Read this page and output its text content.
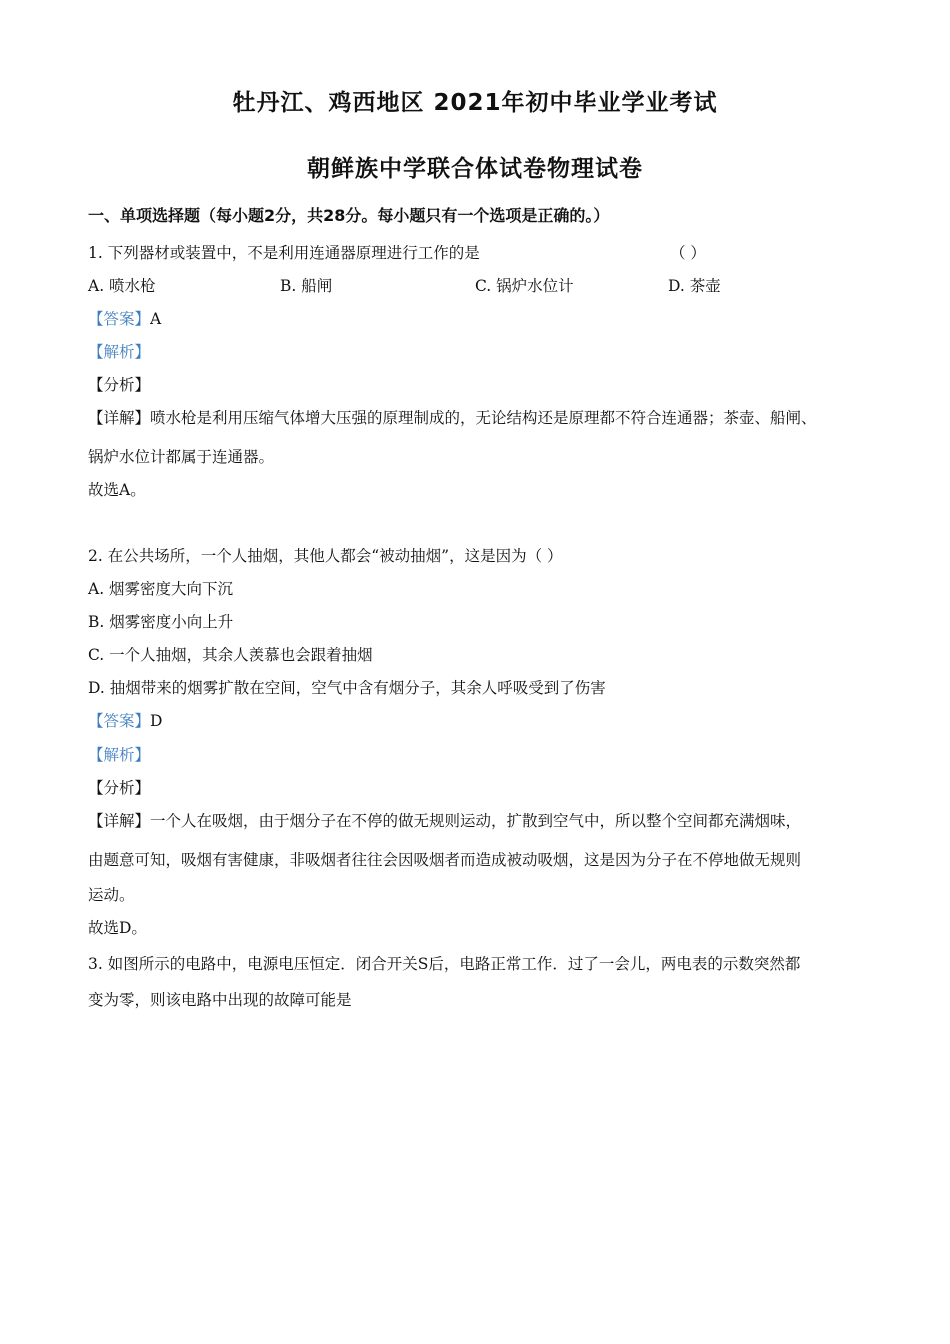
牡丹江、鸡西地区 2021年初中毕业学业考试
朝鲜族中学联合体试卷物理试卷
一、单项选择题（每小题2分，共28分。每小题只有一个选项是正确的。）
1. 下列器材或装置中，不是利用连通器原理进行工作的是	（ ）
A. 喷水枪	B. 船闸	C. 锅炉水位计	D. 茶壶
【答案】A
【解析】
【分析】
【详解】喷水枪是利用压缩气体增大压强的原理制成的，无论结构还是原理都不符合连通器；茶壶、船闸、
锅炉水位计都属于连通器。
故选A。
2. 在公共场所，一个人抽烟，其他人都会“被动抽烟”，这是因为（ ）
A. 烟雾密度大向下沉
B. 烟雾密度小向上升
C. 一个人抽烟，其余人羡慕也会跟着抽烟
D. 抽烟带来的烟雾扩散在空间，空气中含有烟分子，其余人呼吸受到了伤害
【答案】D
【解析】
【分析】
【详解】一个人在吸烟，由于烟分子在不停的做无规则运动，扩散到空气中，所以整个空间都充满烟味，
由题意可知，吸烟有害健康，非吸烟者往往会因吸烟者而造成被动吸烟，这是因为分子在不停地做无规则
运动。
故选D。
3. 如图所示的电路中，电源电压恒定．闭合开关S后，电路正常工作．过了一会儿，两电表的示数突然都
变为零，则该电路中出现的故障可能是
